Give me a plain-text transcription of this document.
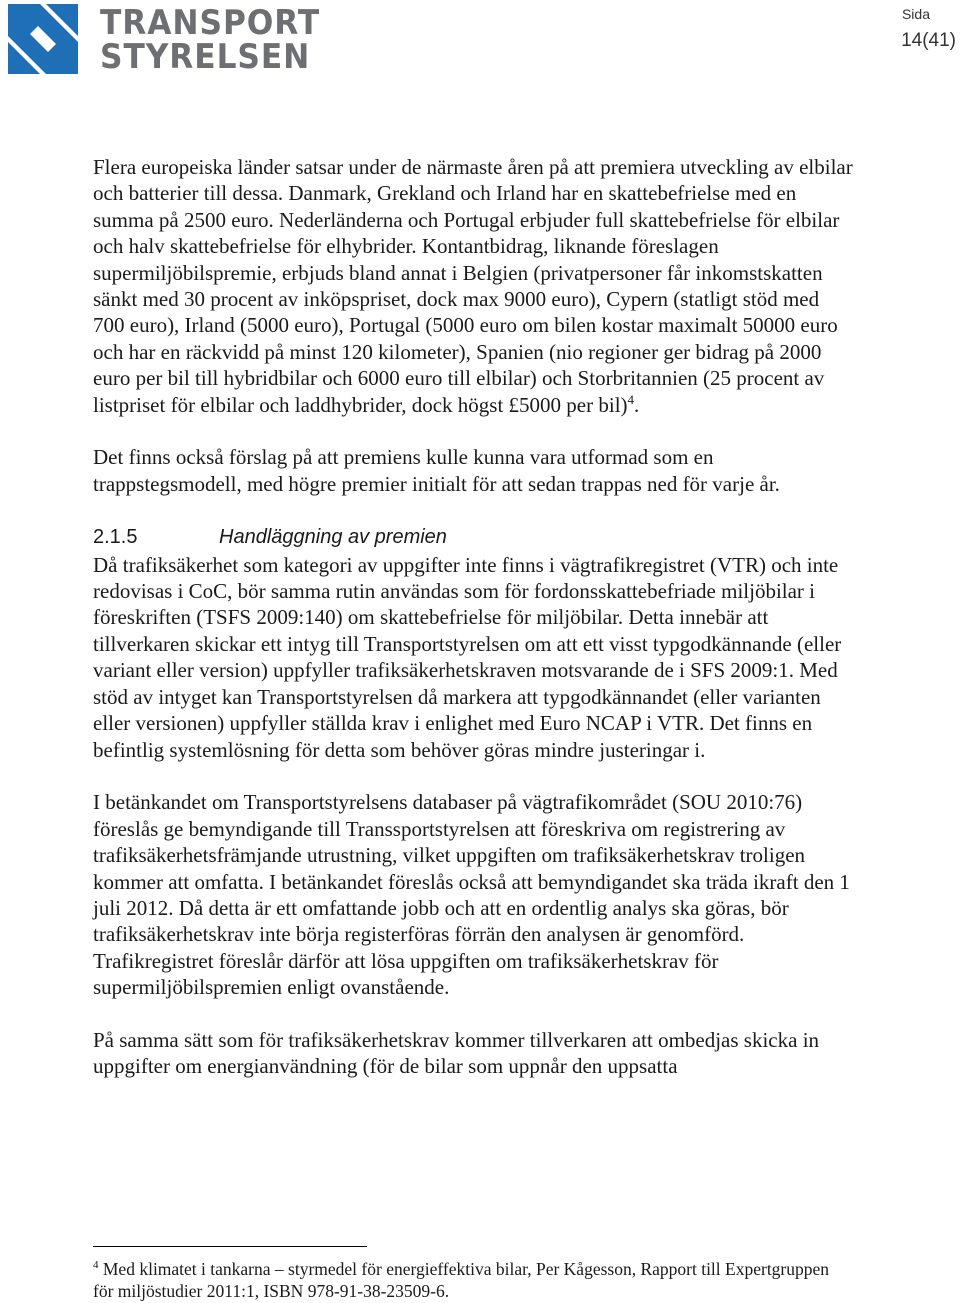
TRANSPORT
STYRELSEN
Sida
14(41)

Flera europeiska länder satsar under de närmaste åren på att premiera utveckling av elbilar och batterier till dessa. Danmark, Grekland och Irland har en skattebefrielse med en summa på 2500 euro. Nederländerna och Portugal erbjuder full skattebefrielse för elbilar och halv skattebefrielse för elhybrider. Kontantbidrag, liknande föreslagen supermiljöbilspremie, erbjuds bland annat i Belgien (privatpersoner får inkomstskatten sänkt med 30 procent av inköpspriset, dock max 9000 euro), Cypern (statligt stöd med 700 euro), Irland (5000 euro), Portugal (5000 euro om bilen kostar maximalt 50000 euro och har en räckvidd på minst 120 kilometer), Spanien (nio regioner ger bidrag på 2000 euro per bil till hybridbilar och 6000 euro till elbilar) och Storbritannien (25 procent av listpriset för elbilar och laddhybrider, dock högst £5000 per bil)$^4$.

Det finns också förslag på att premiens kulle kunna vara utformad som en trappstegsmodell, med högre premier initialt för att sedan trappas ned för varje år.

2.1.5	Handläggning av premien

Då trafiksäkerhet som kategori av uppgifter inte finns i vägtrafikregistret (VTR) och inte redovisas i CoC, bör samma rutin användas som för fordonsskattebefriade miljöbilar i föreskriften (TSFS 2009:140) om skattebefrielse för miljöbilar. Detta innebär att tillverkaren skickar ett intyg till Transportstyrelsen om att ett visst typgodkännande (eller variant eller version) uppfyller trafiksäkerhetskraven motsvarande de i SFS 2009:1. Med stöd av intyget kan Transportstyrelsen då markera att typgodkännandet (eller varianten eller versionen) uppfyller ställda krav i enlighet med Euro NCAP i VTR. Det finns en befintlig systemlösning för detta som behöver göras mindre justeringar i.

I betänkandet om Transportstyrelsens databaser på vägtrafikområdet (SOU 2010:76) föreslås ge bemyndigande till Transsportstyrelsen att föreskriva om registrering av trafiksäkerhetsfrämjande utrustning, vilket uppgiften om trafiksäkerhetskrav troligen kommer att omfatta. I betänkandet föreslås också att bemyndigandet ska träda ikraft den 1 juli 2012. Då detta är ett omfattande jobb och att en ordentlig analys ska göras, bör trafiksäkerhetskrav inte börja registerföras förrän den analysen är genomförd. Trafikregistret föreslår därför att lösa uppgiften om trafiksäkerhetskrav för supermiljöbilspremien enligt ovanstående.

På samma sätt som för trafiksäkerhetskrav kommer tillverkaren att ombedjas skicka in uppgifter om energianvändning (för de bilar som uppnår den uppsatta

$^4$ Med klimatet i tankarna – styrmedel för energieffektiva bilar, Per Kågesson, Rapport till Expertgruppen för miljöstudier 2011:1, ISBN 978-91-38-23509-6.
